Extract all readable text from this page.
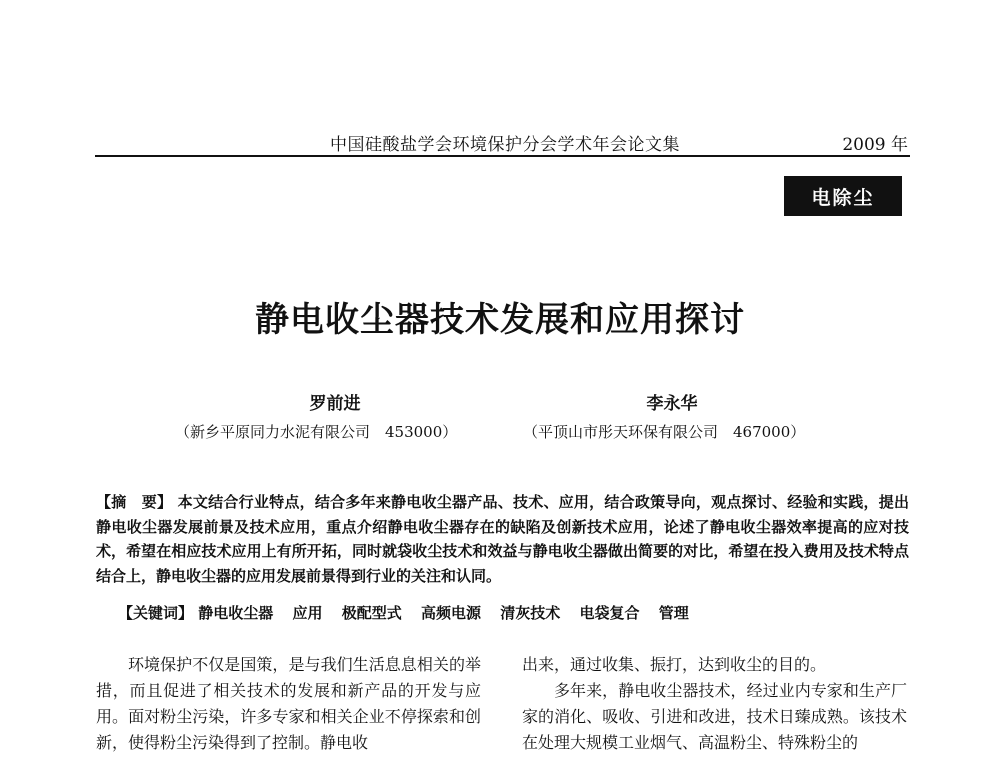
中国硅酸盐学会环境保护分会学术年会论文集	2009 年
电除尘
静电收尘器技术发展和应用探讨
罗前进	李永华
（新乡平原同力水泥有限公司　453000）	（平顶山市彤天环保有限公司　467000）
【摘　要】 本文结合行业特点，结合多年来静电收尘器产品、技术、应用，结合政策导向，观点探讨、经验和实践，提出静电收尘器发展前景及技术应用，重点介绍静电收尘器存在的缺陷及创新技术应用，论述了静电收尘器效率提高的应对技术，希望在相应技术应用上有所开拓，同时就袋收尘技术和效益与静电收尘器做出简要的对比，希望在投入费用及技术特点结合上，静电收尘器的应用发展前景得到行业的关注和认同。
【关键词】 静电收尘器 应用 极配型式 高频电源 清灰技术 电袋复合 管理

环境保护不仅是国策，是与我们生活息息相关的举措，而且促进了相关技术的发展和新产品的开发与应用。面对粉尘污染，许多专家和相关企业不停探索和创新，使得粉尘污染得到了控制。静电收

出来，通过收集、振打，达到收尘的目的。

多年来，静电收尘器技术，经过业内专家和生产厂家的消化、吸收、引进和改进，技术日臻成熟。该技术在处理大规模工业烟气、高温粉尘、特殊粉尘的
